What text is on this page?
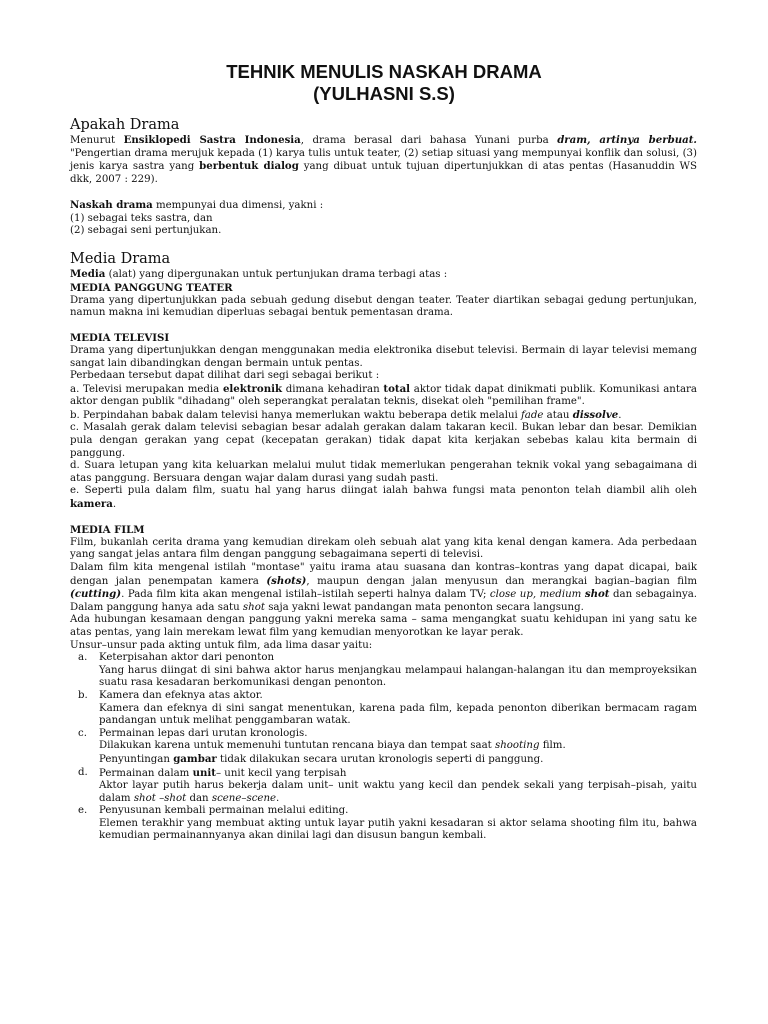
TEHNIK MENULIS NASKAH DRAMA
(YULHASNI S.S)
Apakah Drama

Menurut Ensiklopedi Sastra Indonesia, drama berasal dari bahasa Yunani purba dram, artinya berbuat. "Pengertian drama merujuk kepada (1) karya tulis untuk teater, (2) setiap situasi yang mempunyai konflik dan solusi, (3) jenis karya sastra yang berbentuk dialog yang dibuat untuk tujuan dipertunjukkan di atas pentas (Hasanuddin WS dkk, 2007 : 229).

Naskah drama mempunyai dua dimensi, yakni :

(1) sebagai teks sastra, dan

(2) sebagai seni pertunjukan.

Media Drama

Media (alat) yang dipergunakan untuk pertunjukan drama terbagi atas :

MEDIA PANGGUNG TEATER

Drama yang dipertunjukkan pada sebuah gedung disebut dengan teater. Teater diartikan sebagai gedung pertunjukan, namun makna ini kemudian diperluas sebagai bentuk pementasan drama.

MEDIA TELEVISI

Drama yang dipertunjukkan dengan menggunakan media elektronika disebut televisi. Bermain di layar televisi memang sangat lain dibandingkan dengan bermain untuk pentas.

Perbedaan tersebut dapat dilihat dari segi sebagai berikut :

a. Televisi merupakan media elektronik dimana kehadiran total aktor tidak dapat dinikmati publik. Komunikasi antara aktor dengan publik "dihadang" oleh seperangkat peralatan teknis, disekat oleh "pemilihan frame".

b. Perpindahan babak dalam televisi hanya memerlukan waktu beberapa detik melalui fade atau dissolve.

c. Masalah gerak dalam televisi sebagian besar adalah gerakan dalam takaran kecil. Bukan lebar dan besar. Demikian pula dengan gerakan yang cepat (kecepatan gerakan) tidak dapat kita kerjakan sebebas kalau kita bermain di panggung.

d. Suara letupan yang kita keluarkan melalui mulut tidak memerlukan pengerahan teknik vokal yang sebagaimana di atas panggung. Bersuara dengan wajar dalam durasi yang sudah pasti.

e. Seperti pula dalam film, suatu hal yang harus diingat ialah bahwa fungsi mata penonton telah diambil alih oleh kamera.

MEDIA FILM

Film, bukanlah cerita drama yang kemudian direkam oleh sebuah alat yang kita kenal dengan kamera. Ada perbedaan yang sangat jelas antara film dengan panggung sebagaimana seperti di televisi.

Dalam film kita mengenal istilah "montase" yaitu irama atau suasana dan kontras–kontras yang dapat dicapai, baik dengan jalan penempatan kamera (shots), maupun dengan jalan menyusun dan merangkai bagian–bagian film (cutting). Pada film kita akan mengenal istilah–istilah seperti halnya dalam TV; close up, medium shot dan sebagainya. Dalam panggung hanya ada satu shot saja yakni lewat pandangan mata penonton secara langsung.

Ada hubungan kesamaan dengan panggung yakni mereka sama – sama mengangkat suatu kehidupan ini yang satu ke atas pentas, yang lain merekam lewat film yang kemudian menyorotkan ke layar perak.

Unsur–unsur pada akting untuk film, ada lima dasar yaitu:

a. Keterpisahan aktor dari penonton

Yang harus diingat di sini bahwa aktor harus menjangkau melampaui halangan-halangan itu dan memproyeksikan suatu rasa kesadaran berkomunikasi dengan penonton.

b. Kamera dan efeknya atas aktor.

Kamera dan efeknya di sini sangat menentukan, karena pada film, kepada penonton diberikan bermacam ragam pandangan untuk melihat penggambaran watak.

c. Permainan lepas dari urutan kronologis.

Dilakukan karena untuk memenuhi tuntutan rencana biaya dan tempat saat shooting film.

Penyuntingan gambar tidak dilakukan secara urutan kronologis seperti di panggung.

d. Permainan dalam unit– unit kecil yang terpisah

Aktor layar putih harus bekerja dalam unit– unit waktu yang kecil dan pendek sekali yang terpisah–pisah, yaitu dalam shot –shot dan scene–scene.

e. Penyusunan kembali permainan melalui editing.

Elemen terakhir yang membuat akting untuk layar putih yakni kesadaran si aktor selama shooting film itu, bahwa kemudian permainannyanya akan dinilai lagi dan disusun bangun kembali.
